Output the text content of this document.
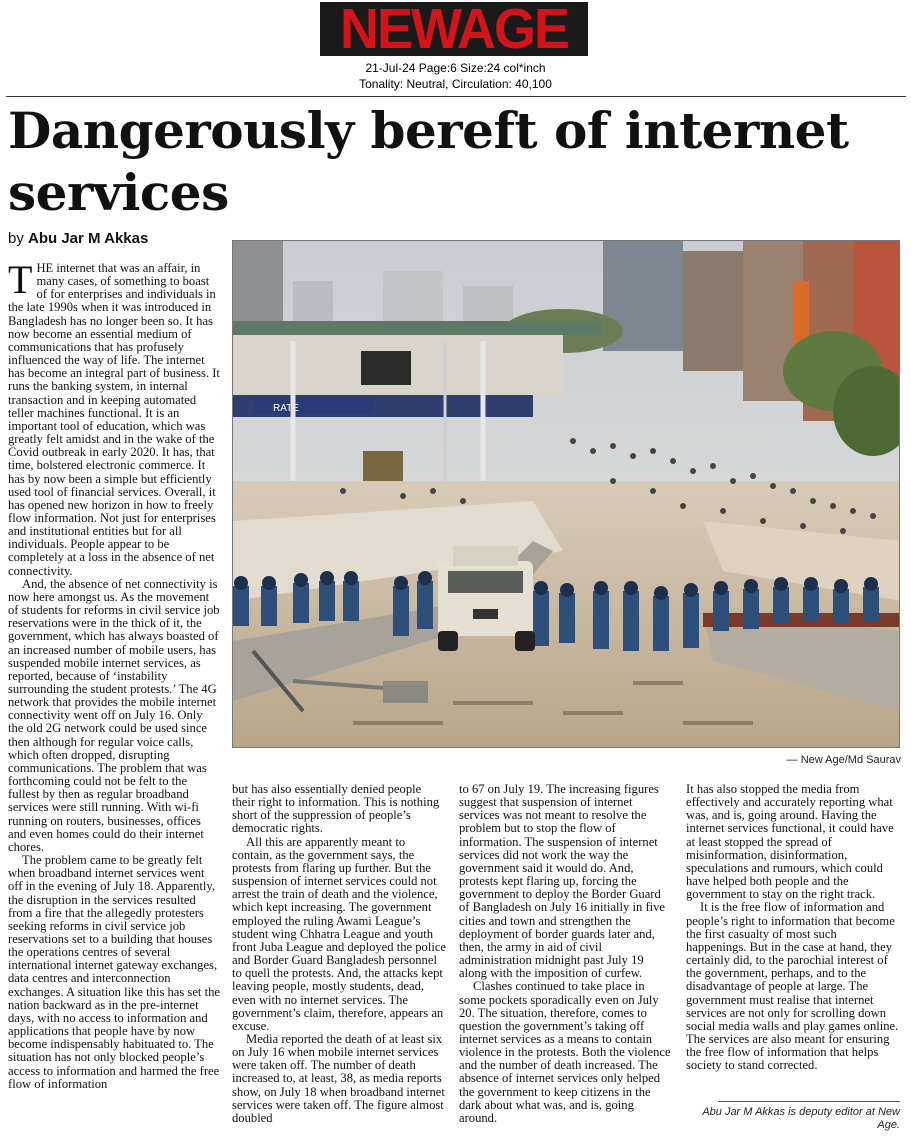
NEWAGE
21-Jul-24 Page:6 Size:24 col*inch
Tonality: Neutral, Circulation: 40,100
Dangerously bereft of internet services
by Abu Jar M Akkas

THE internet that was an affair, in many cases, of something to boast of for enterprises and individuals in the late 1990s when it was introduced in Bangladesh has no longer been so. It has now become an essential medium of communications that has profusely influenced the way of life. The internet has become an integral part of business. It runs the banking system, in internal transaction and in keeping automated teller machines functional. It is an important tool of education, which was greatly felt amidst and in the wake of the Covid outbreak in early 2020. It has, that time, bolstered electronic commerce. It has by now been a simple but efficiently used tool of financial services. Overall, it has opened new horizon in how to freely flow information. Not just for enterprises and institutional entities but for all individuals. People appear to be completely at a loss in the absence of net connectivity.

And, the absence of net connectivity is now here amongst us. As the movement of students for reforms in civil service job reservations were in the thick of it, the government, which has always boasted of an increased number of mobile users, has suspended mobile internet services, as reported, because of ‘instability surrounding the student protests.’ The 4G network that provides the mobile internet connectivity went off on July 16. Only the old 2G network could be used since then although for regular voice calls, which often dropped, disrupting communications. The problem that was forthcoming could not be felt to the fullest by then as regular broadband services were still running. With wi-fi running on routers, businesses, offices and even homes could do their internet chores.

The problem came to be greatly felt when broadband internet services went off in the evening of July 18. Apparently, the disruption in the services resulted from a fire that the allegedly protesters seeking reforms in civil service job reservations set to a building that houses the operations centres of several international internet gateway exchanges, data centres and interconnection exchanges. A situation like this has set the nation backward as in the pre-internet days, with no access to information and applications that people have by now become indispensably habituated to. The situation has not only blocked people’s access to information and harmed the free flow of information

RATE
— New Age/Md Saurav

but has also essentially denied people their right to information. This is nothing short of the suppression of people’s democratic rights.

All this are apparently meant to contain, as the government says, the protests from flaring up further. But the suspension of internet services could not arrest the train of death and the violence, which kept increasing. The government employed the ruling Awami League’s student wing Chhatra League and youth front Juba League and deployed the police and Border Guard Bangladesh personnel to quell the protests. And, the attacks kept leaving people, mostly students, dead, even with no internet services. The government’s claim, therefore, appears an excuse.

Media reported the death of at least six on July 16 when mobile internet services were taken off. The number of death increased to, at least, 38, as media reports show, on July 18 when broadband internet services were taken off. The figure almost doubled

to 67 on July 19. The increasing figures suggest that suspension of internet services was not meant to resolve the problem but to stop the flow of information. The suspension of internet services did not work the way the government said it would do. And, protests kept flaring up, forcing the government to deploy the Border Guard of Bangladesh on July 16 initially in five cities and town and strengthen the deployment of border guards later and, then, the army in aid of civil administration midnight past July 19 along with the imposition of curfew.

Clashes continued to take place in some pockets sporadically even on July 20. The situation, therefore, comes to question the government’s taking off internet services as a means to contain violence in the protests. Both the violence and the number of death increased. The absence of internet services only helped the government to keep citizens in the dark about what was, and is, going around.

It has also stopped the media from effectively and accurately reporting what was, and is, going around. Having the internet services functional, it could have at least stopped the spread of misinformation, disinformation, speculations and rumours, which could have helped both people and the government to stay on the right track.

It is the free flow of information and people’s right to information that become the first casualty of most such happenings. But in the case at hand, they certainly did, to the parochial interest of the government, perhaps, and to the disadvantage of people at large. The government must realise that internet services are not only for scrolling down social media walls and play games online. The services are also meant for ensuring the free flow of information that helps society to stand corrected.

Abu Jar M Akkas is deputy editor at New Age.
